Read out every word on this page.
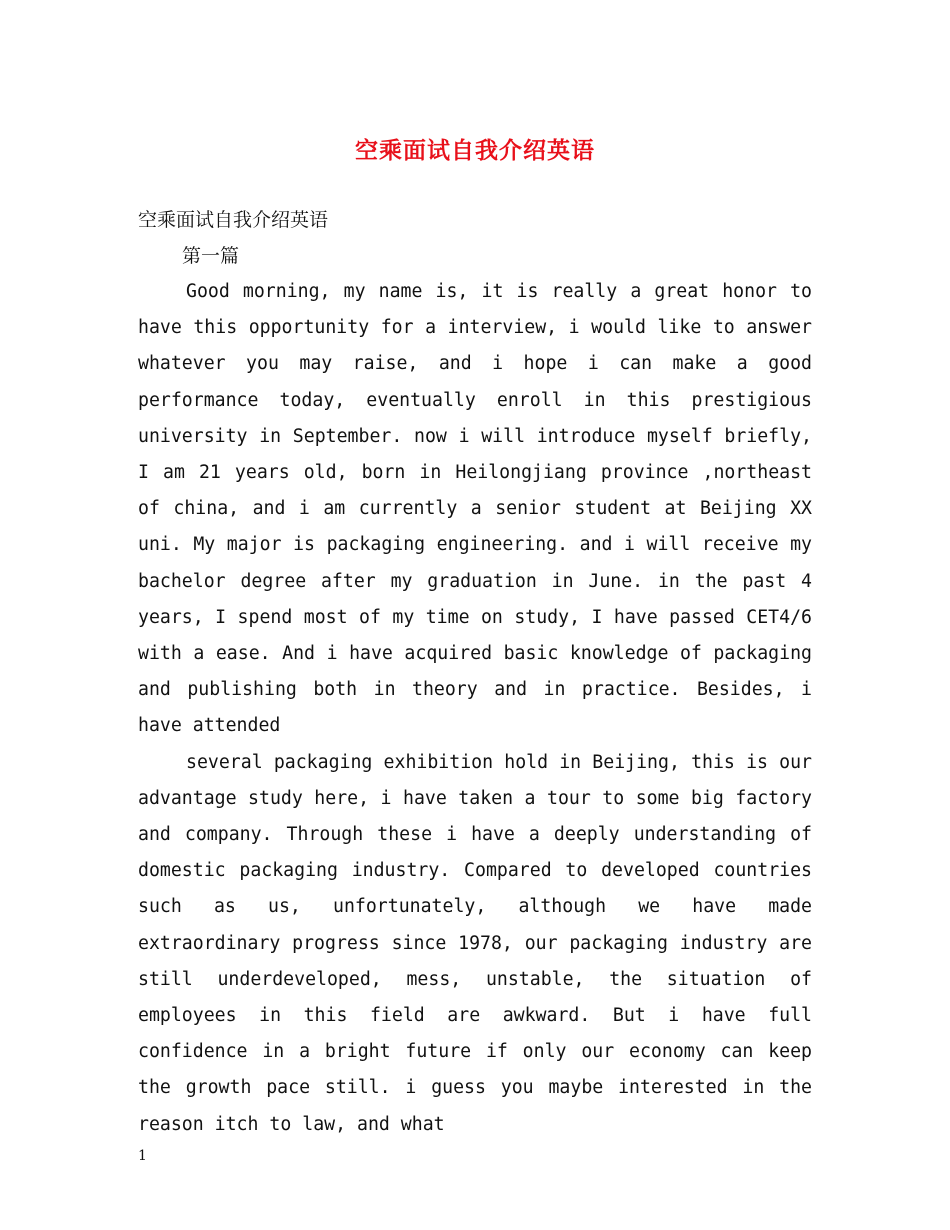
空乘面试自我介绍英语
空乘面试自我介绍英语
第一篇

Good morning, my name is, it is really a great honor to have this opportunity for a interview, i would like to answer whatever you may raise, and i hope i can make a good performance today, eventually enroll in this prestigious university in September. now i will introduce myself briefly, I am 21 years old, born in Heilongjiang province ,northeast of china, and i am currently a senior student at Beijing XX uni. My major is packaging engineering. and i will receive my bachelor degree after my graduation in June. in the past 4 years, I spend most of my time on study, I have passed CET4/6 with a ease. And i have acquired basic knowledge of packaging and publishing both in theory and in practice. Besides, i have attended

several packaging exhibition hold in Beijing, this is our advantage study here, i have taken a tour to some big factory and company. Through these i have a deeply understanding of domestic packaging industry. Compared to developed countries such as us, unfortunately, although we have made extraordinary progress since 1978, our packaging industry are still underdeveloped, mess, unstable, the situation of employees in this field are awkward. But i have full confidence in a bright future if only our economy can keep the growth pace still. i guess you maybe interested in the reason itch to law, and what

1
